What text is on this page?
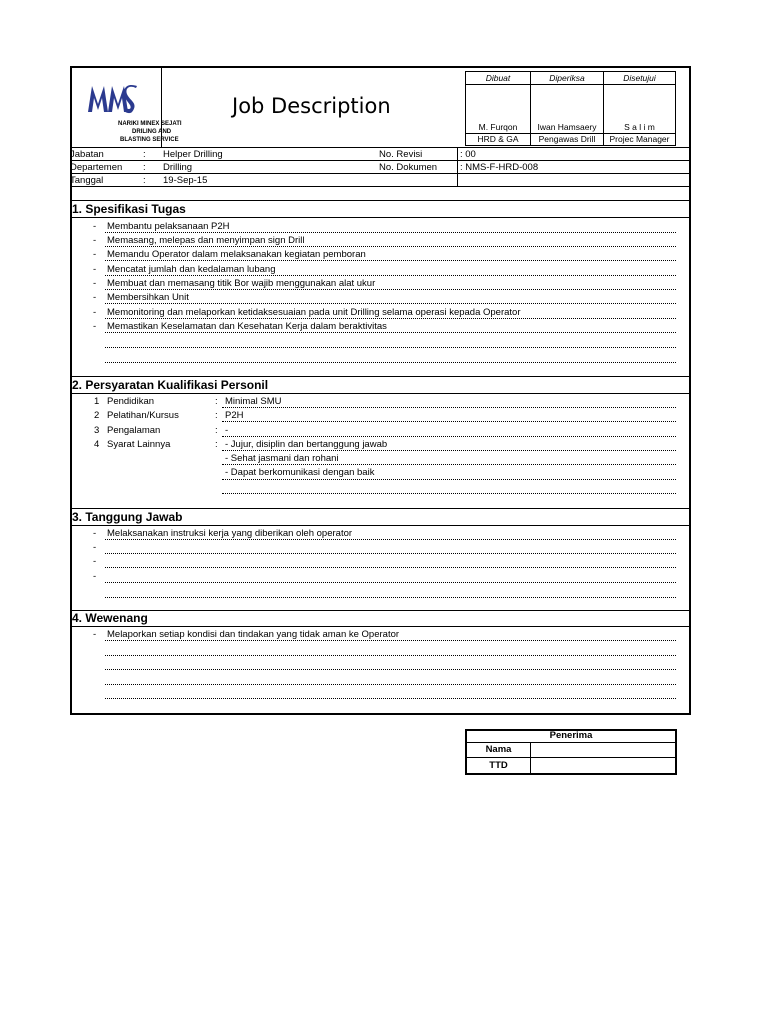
NARIKI MINEX SEJATI
DRILING AND
BLASTING SERVICE
Job Description
Dibuat	Diperiksa	Disetujui
M. Furqon	Iwan Hamsaery	S a l i m
HRD & GA	Pengawas Drill	Projec Manager
Jabatan	: Helper Drilling	No. Revisi	: 00
Departemen : Drilling	No. Dokumen : NMS-F-HRD-008
Tanggal	: 19-Sep-15
1. Spesifikasi Tugas
- Membantu pelaksanaan P2H
- Memasang, melepas dan menyimpan sign Drill
- Memandu Operator dalam melaksanakan kegiatan pemboran
- Mencatat jumlah dan kedalaman lubang
- Membuat dan memasang titik Bor wajib menggunakan alat ukur
- Membersihkan Unit
- Memonitoring dan melaporkan ketidaksesuaian pada unit Drilling selama operasi kepada Operator
- Memastikan Keselamatan dan Kesehatan Kerja dalam beraktivitas
2. Persyaratan Kualifikasi Personil
1 Pendidikan	: Minimal SMU
2 Pelatihan/Kursus	: P2H
3 Pengalaman	: -
4 Syarat Lainnya	: - Jujur, disiplin dan bertanggung jawab
- Sehat jasmani dan rohani
- Dapat berkomunikasi dengan baik
3. Tanggung Jawab
- Melaksanakan instruksi kerja yang diberikan oleh operator
-
-
-
4. Wewenang
- Melaporkan setiap kondisi dan tindakan yang tidak aman ke Operator
Penerima
Nama
TTD
